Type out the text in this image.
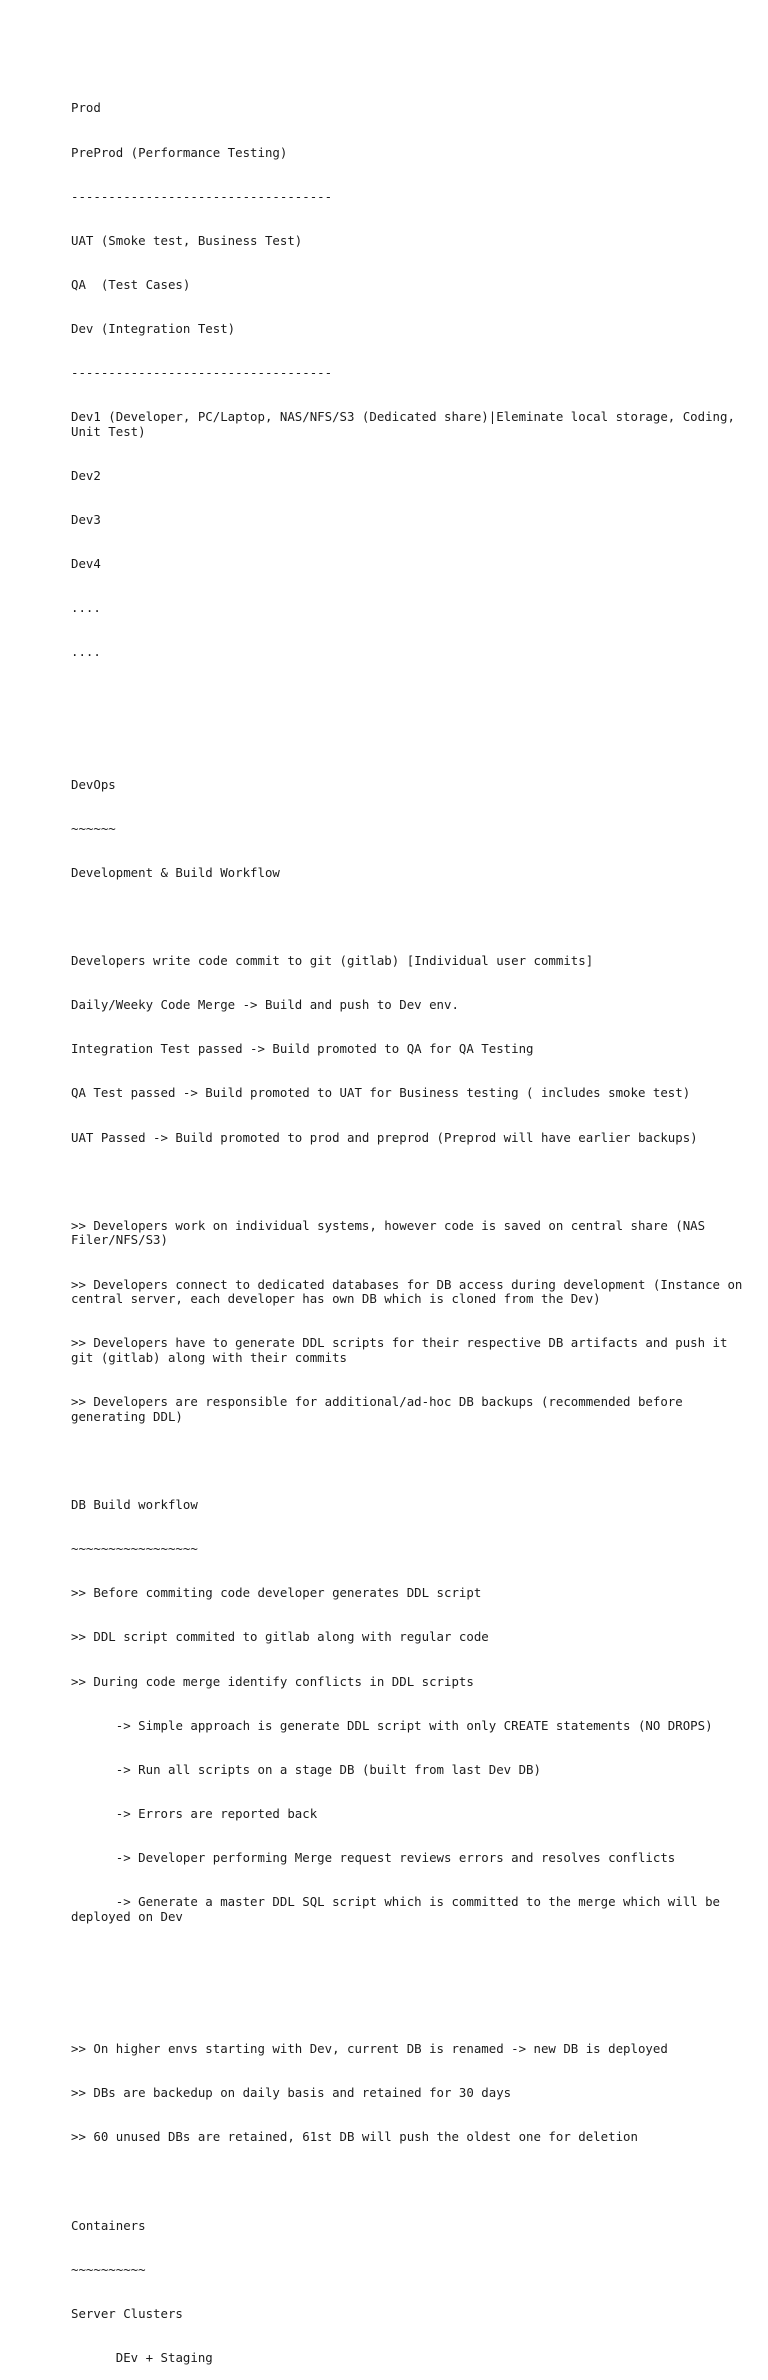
Prod

PreProd (Performance Testing)

-----------------------------------

UAT (Smoke test, Business Test)

QA  (Test Cases)

Dev (Integration Test)

-----------------------------------

Dev1 (Developer, PC/Laptop, NAS/NFS/S3 (Dedicated share)|Eleminate local storage, Coding, Unit Test)

Dev2

Dev3

Dev4

....

....

DevOps

~~~~~~

Development & Build Workflow

Developers write code commit to git (gitlab) [Individual user commits]

Daily/Weeky Code Merge -> Build and push to Dev env.

Integration Test passed -> Build promoted to QA for QA Testing

QA Test passed -> Build promoted to UAT for Business testing ( includes smoke test)

UAT Passed -> Build promoted to prod and preprod (Preprod will have earlier backups)

>> Developers work on individual systems, however code is saved on central share (NAS Filer/NFS/S3)

>> Developers connect to dedicated databases for DB access during development (Instance on central server, each developer has own DB which is cloned from the Dev)

>> Developers have to generate DDL scripts for their respective DB artifacts and push it git (gitlab) along with their commits

>> Developers are responsible for additional/ad-hoc DB backups (recommended before generating DDL)

DB Build workflow

~~~~~~~~~~~~~~~~~

>> Before commiting code developer generates DDL script

>> DDL script commited to gitlab along with regular code

>> During code merge identify conflicts in DDL scripts

-> Simple approach is generate DDL script with only CREATE statements (NO DROPS)

-> Run all scripts on a stage DB (built from last Dev DB)

-> Errors are reported back

-> Developer performing Merge request reviews errors and resolves conflicts

-> Generate a master DDL SQL script which is committed to the merge which will be deployed on Dev

>> On higher envs starting with Dev, current DB is renamed -> new DB is deployed

>> DBs are backedup on daily basis and retained for 30 days

>> 60 unused DBs are retained, 61st DB will push the oldest one for deletion

Containers

~~~~~~~~~~

Server Clusters

DEv + Staging
